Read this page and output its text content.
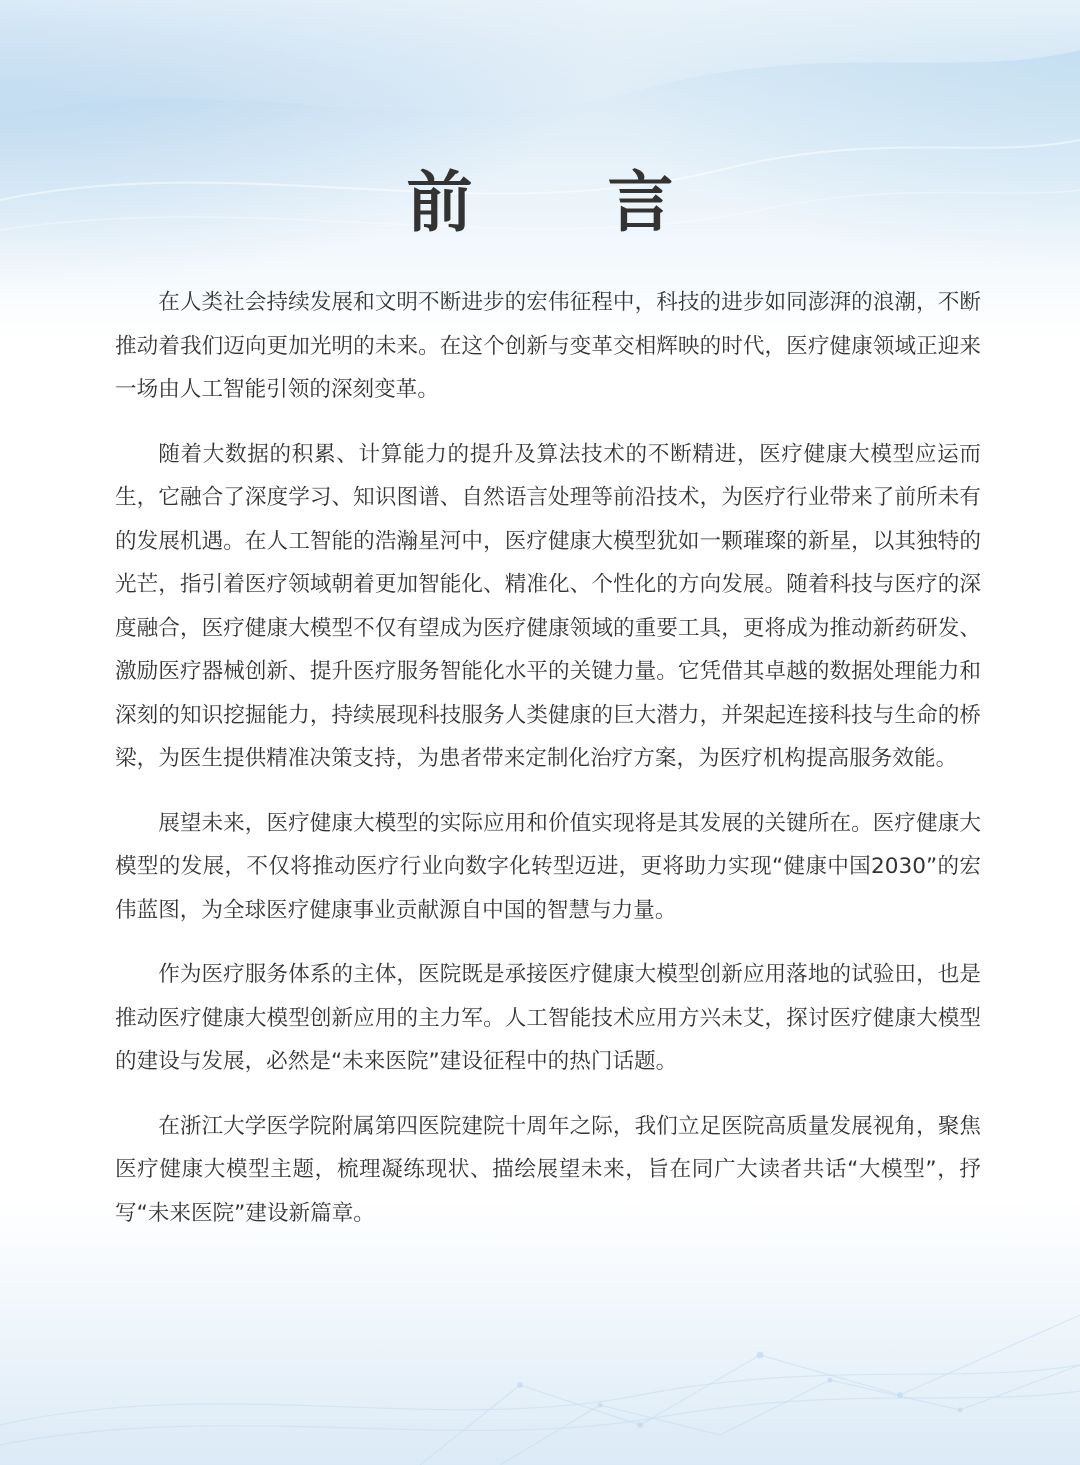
前 言

在人类社会持续发展和文明不断进步的宏伟征程中，科技的进步如同澎湃的浪潮，不断推动着我们迈向更加光明的未来。在这个创新与变革交相辉映的时代，医疗健康领域正迎来一场由人工智能引领的深刻变革。

随着大数据的积累、计算能力的提升及算法技术的不断精进，医疗健康大模型应运而生，它融合了深度学习、知识图谱、自然语言处理等前沿技术，为医疗行业带来了前所未有的发展机遇。在人工智能的浩瀚星河中，医疗健康大模型犹如一颗璀璨的新星，以其独特的光芒，指引着医疗领域朝着更加智能化、精准化、个性化的方向发展。随着科技与医疗的深度融合，医疗健康大模型不仅有望成为医疗健康领域的重要工具，更将成为推动新药研发、激励医疗器械创新、提升医疗服务智能化水平的关键力量。它凭借其卓越的数据处理能力和深刻的知识挖掘能力，持续展现科技服务人类健康的巨大潜力，并架起连接科技与生命的桥梁，为医生提供精准决策支持，为患者带来定制化治疗方案，为医疗机构提高服务效能。

展望未来，医疗健康大模型的实际应用和价值实现将是其发展的关键所在。医疗健康大模型的发展，不仅将推动医疗行业向数字化转型迈进，更将助力实现“健康中国2030”的宏伟蓝图，为全球医疗健康事业贡献源自中国的智慧与力量。

作为医疗服务体系的主体，医院既是承接医疗健康大模型创新应用落地的试验田，也是推动医疗健康大模型创新应用的主力军。人工智能技术应用方兴未艾，探讨医疗健康大模型的建设与发展，必然是“未来医院”建设征程中的热门话题。

在浙江大学医学院附属第四医院建院十周年之际，我们立足医院高质量发展视角，聚焦医疗健康大模型主题，梳理凝练现状、描绘展望未来，旨在同广大读者共话“大模型”，抒写“未来医院”建设新篇章。
